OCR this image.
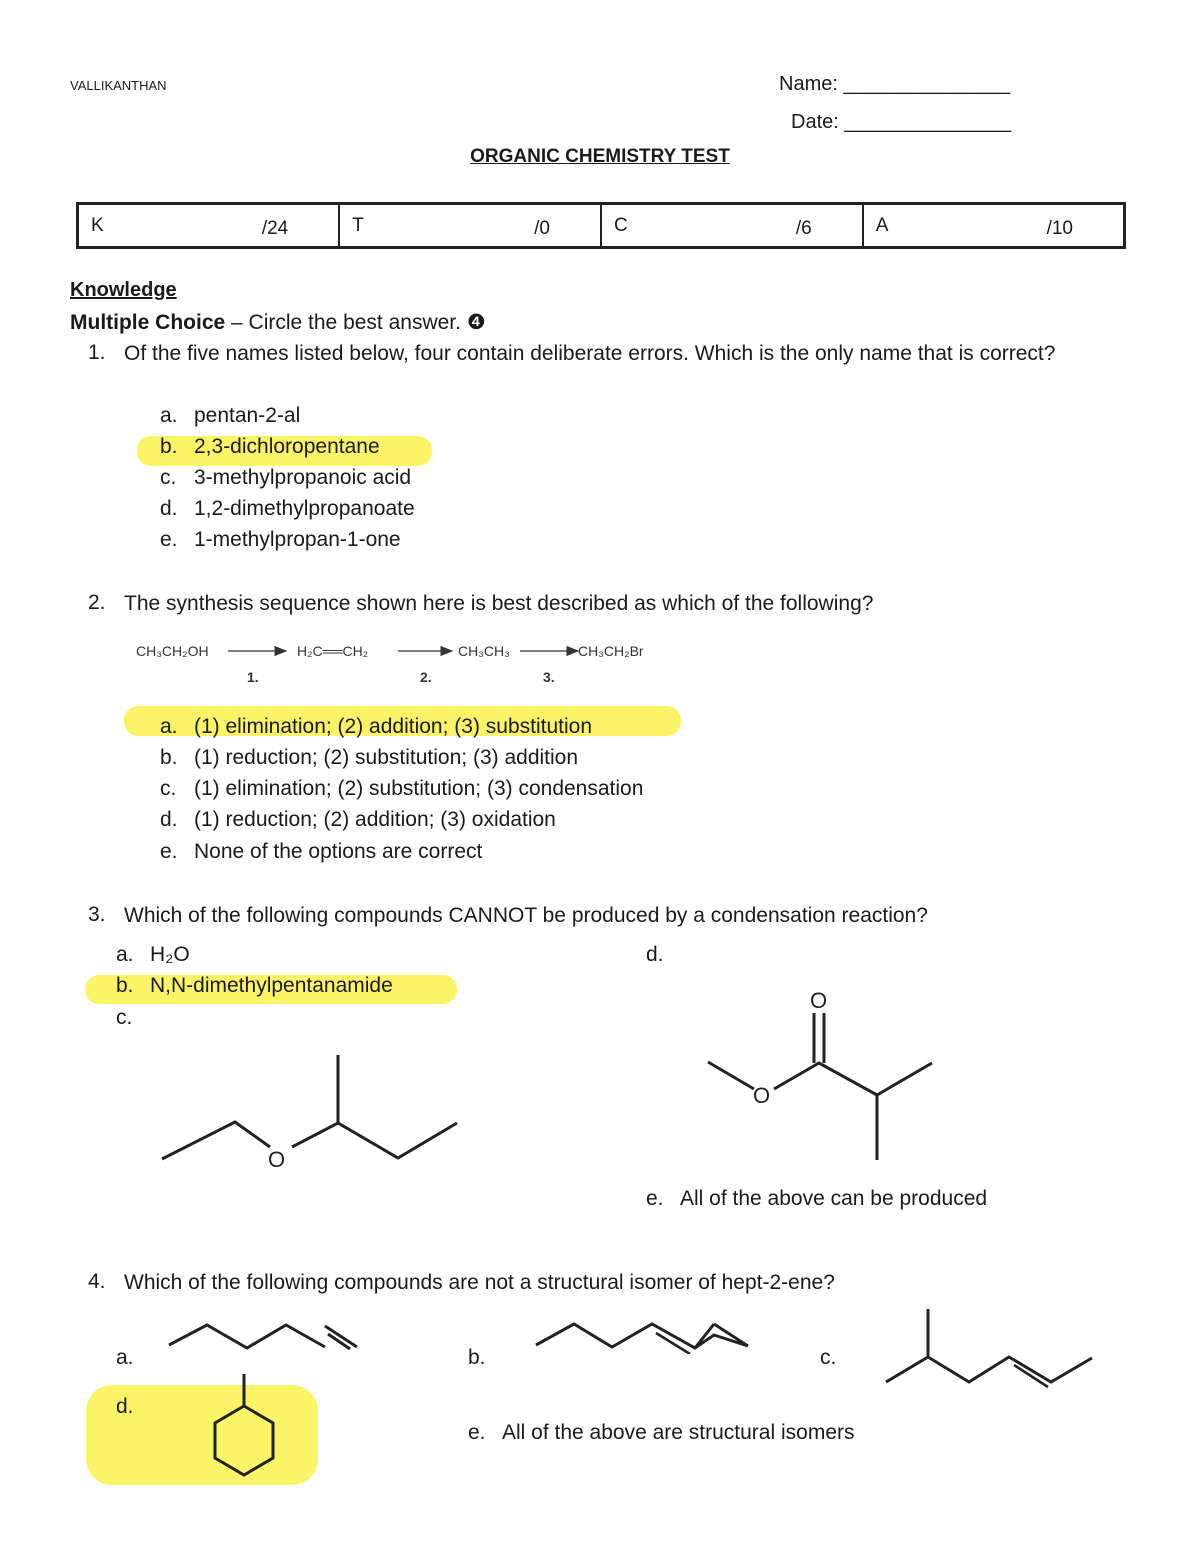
VALLIKANTHAN	Name: _______________
Date: _______________
ORGANIC CHEMISTRY TEST
K	/24	T	/0	C	/6	A	/10
Knowledge
Multiple Choice – Circle the best answer. ❹
1. Of the five names listed below, four contain deliberate errors. Which is the only name that is correct?
a. pentan-2-al
b. 2,3-dichloropentane
c. 3-methylpropanoic acid
d. 1,2-dimethylpropanoate
e. 1-methylpropan-1-one
2. The synthesis sequence shown here is best described as which of the following?
CH₃CH₂OH
1.
H₂C══CH₂
2.
CH₃CH₃
3.
CH₃CH₂Br
a. (1) elimination; (2) addition; (3) substitution
b. (1) reduction; (2) substitution; (3) addition
c. (1) elimination; (2) substitution; (3) condensation
d. (1) reduction; (2) addition; (3) oxidation
e. None of the options are correct
3. Which of the following compounds CANNOT be produced by a condensation reaction?
a. H₂O
b. N,N-dimethylpentanamide
c.
d.
e. All of the above can be produced
O
O
O
4. Which of the following compounds are not a structural isomer of hept-2-ene?
a.	b.	c.
d.
e. All of the above are structural isomers
